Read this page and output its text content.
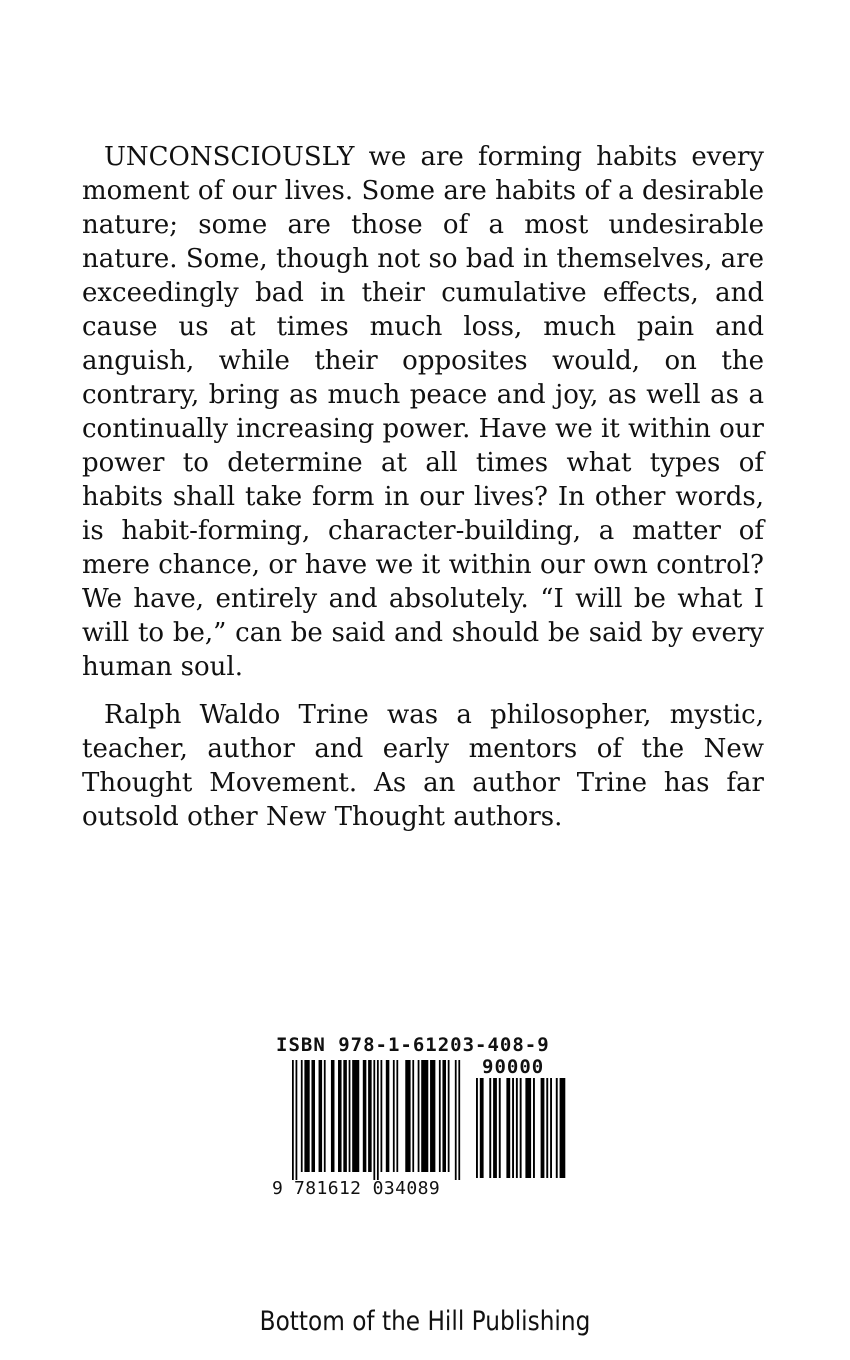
UNCONSCIOUSLY we are forming habits every moment of our lives. Some are habits of a desirable nature; some are those of a most undesirable nature. Some, though not so bad in themselves, are exceedingly bad in their cumulative effects, and cause us at times much loss, much pain and anguish, while their opposites would, on the contrary, bring as much peace and joy, as well as a continually increasing power. Have we it within our power to determine at all times what types of habits shall take form in our lives? In other words, is habit-forming, character-building, a matter of mere chance, or have we it within our own control? We have, entirely and absolutely. “I will be what I will to be,” can be said and should be said by every human soul.

Ralph Waldo Trine was a philosopher, mystic, teacher, author and early mentors of the New Thought Movement. As an author Trine has far outsold other New Thought authors.

ISBN 978-1-61203-408-9
90000
9 781612 034089
Bottom of the Hill Publishing
